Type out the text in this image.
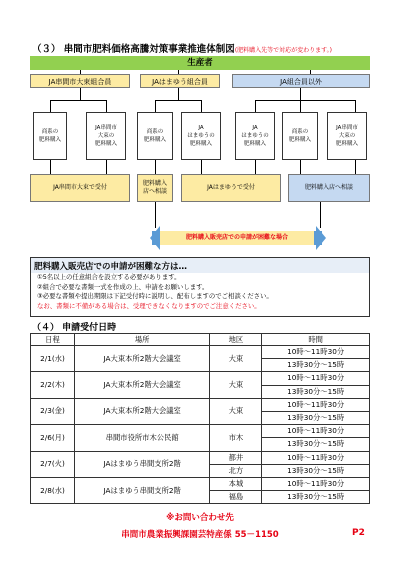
（３） 串間市肥料価格高騰対策事業推進体制図(肥料購入先等で対応が変わります。)
生産者
JA串間市大束組合員	JAはまゆう組合員	JA組合員以外
商系の
肥料購入
JA串間市
大束の
肥料購入
商系の
肥料購入
JA
はまゆうの
肥料購入
JA
はまゆうの
肥料購入
商系の
肥料購入
JA串間市
大束の
肥料購入
JA串間市大束で受付
肥料購入
店へ相談
JAはまゆうで受付	肥料購入店へ相談
肥料購入販売店での申請が困難な場合
肥料購入販売店での申請が困難な方は…
①5名以上の任意組合を設立する必要があります。
②組合で必要な書類一式を作成の上、申請をお願いします。
③必要な書類や提出期限は下記受付時に説明し、配布しますのでご相談ください。
なお、書類に不備がある場合は、受理できなくなりますのでご注意ください。
（４） 申請受付日時
日程	場所	地区	時間
2/1(水)	JA大束本所2階大会議室	大束	10時～11時30分
			13時30分～15時
2/2(木)	JA大束本所2階大会議室	大束	10時～11時30分
			13時30分～15時
2/3(金)	JA大束本所2階大会議室	大束	10時～11時30分
			13時30分～15時
2/6(月)	串間市役所市木公民館	市木	10時～11時30分
			13時30分～15時
2/7(火)	JAはまゆう串間支所2階	都井	10時～11時30分
		北方	13時30分～15時
2/8(水)	JAはまゆう串間支所2階	本城	10時～11時30分
		福島	13時30分～15時
※お問い合わせ先
串間市農業振興課園芸特産係 55－1150	P2
